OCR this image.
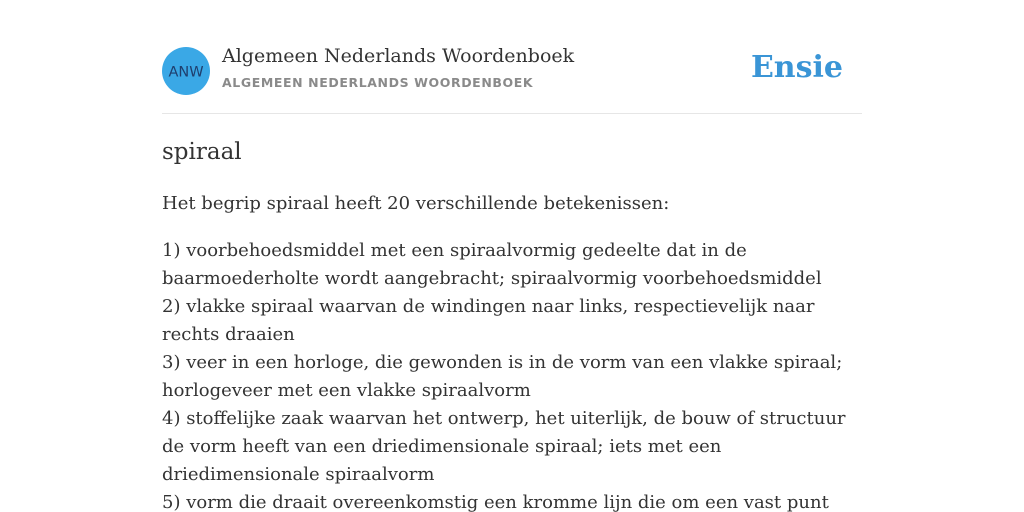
ANW
Algemeen Nederlands Woordenboek
ALGEMEEN NEDERLANDS WOORDENBOEK	Ensie
spiraal

Het begrip spiraal heeft 20 verschillende betekenissen:

1) voorbehoedsmiddel met een spiraalvormig gedeelte dat in de baarmoederholte wordt aangebracht; spiraalvormig voorbehoedsmiddel
2) vlakke spiraal waarvan de windingen naar links, respectievelijk naar rechts draaien
3) veer in een horloge, die gewonden is in de vorm van een vlakke spiraal; horlogeveer met een vlakke spiraalvorm
4) stoffelijke zaak waarvan het ontwerp, het uiterlijk, de bouw of structuur de vorm heeft van een driedimensionale spiraal; iets met een driedimensionale spiraalvorm
5) vorm die draait overeenkomstig een kromme lijn die om een vast punt
